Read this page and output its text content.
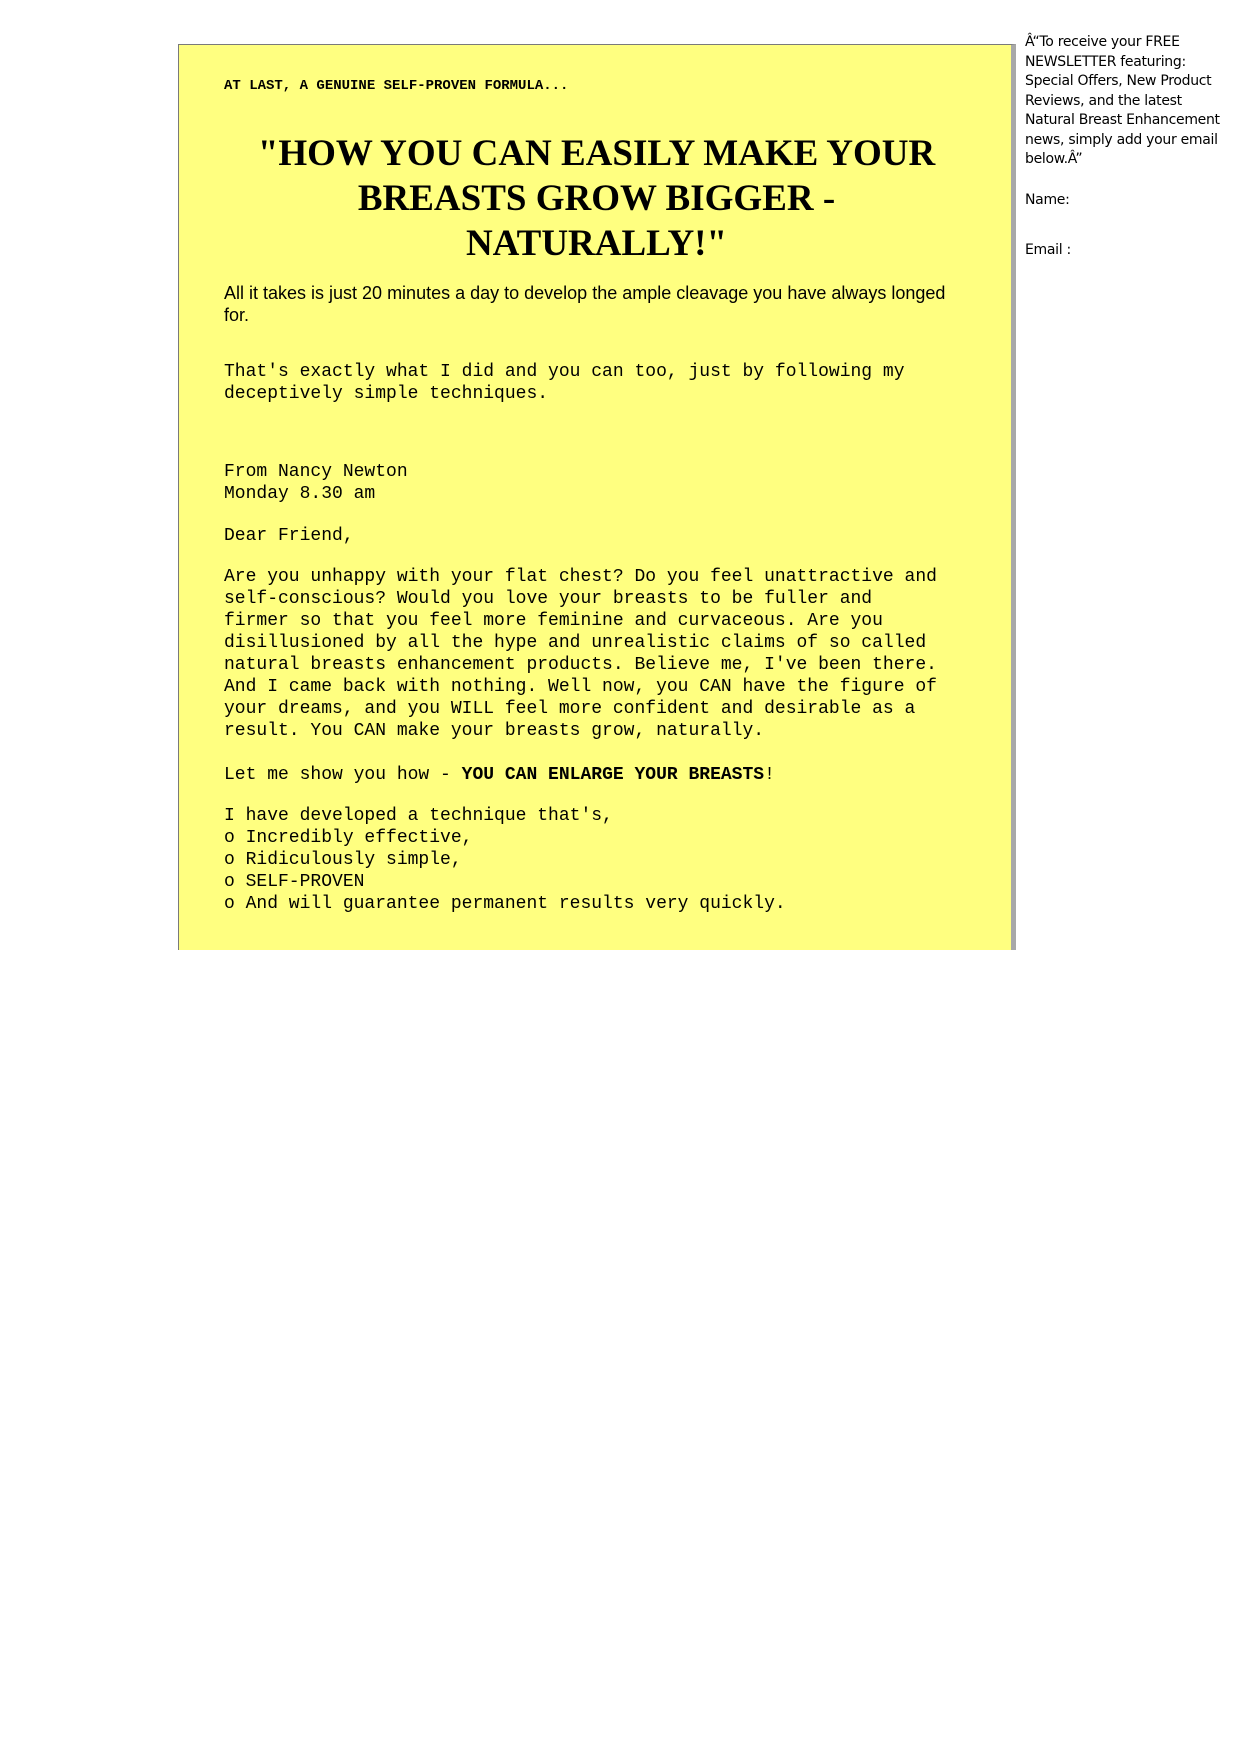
AT LAST, A GENUINE SELF-PROVEN FORMULA...

"HOW YOU CAN EASILY MAKE YOUR BREASTS GROW BIGGER - NATURALLY!"

All it takes is just 20 minutes a day to develop the ample cleavage you have always longed for.

That's exactly what I did and you can too, just by following my
deceptively simple techniques.

From Nancy Newton
Monday 8.30 am

Dear Friend,

Are you unhappy with your flat chest? Do you feel unattractive and
self-conscious? Would you love your breasts to be fuller and
firmer so that you feel more feminine and curvaceous. Are you
disillusioned by all the hype and unrealistic claims of so called
natural breasts enhancement products. Believe me, I've been there.
And I came back with nothing. Well now, you CAN have the figure of
your dreams, and you WILL feel more confident and desirable as a
result. You CAN make your breasts grow, naturally.

Let me show you how - YOU CAN ENLARGE YOUR BREASTS!

I have developed a technique that's,

o Incredibly effective,
o Ridiculously simple,
o SELF-PROVEN
o And will guarantee permanent results very quickly.

Â“To receive your FREE NEWSLETTER featuring: Special Offers, New Product Reviews, and the latest Natural Breast Enhancement news, simply add your email below.Â”

Name:

Email :
